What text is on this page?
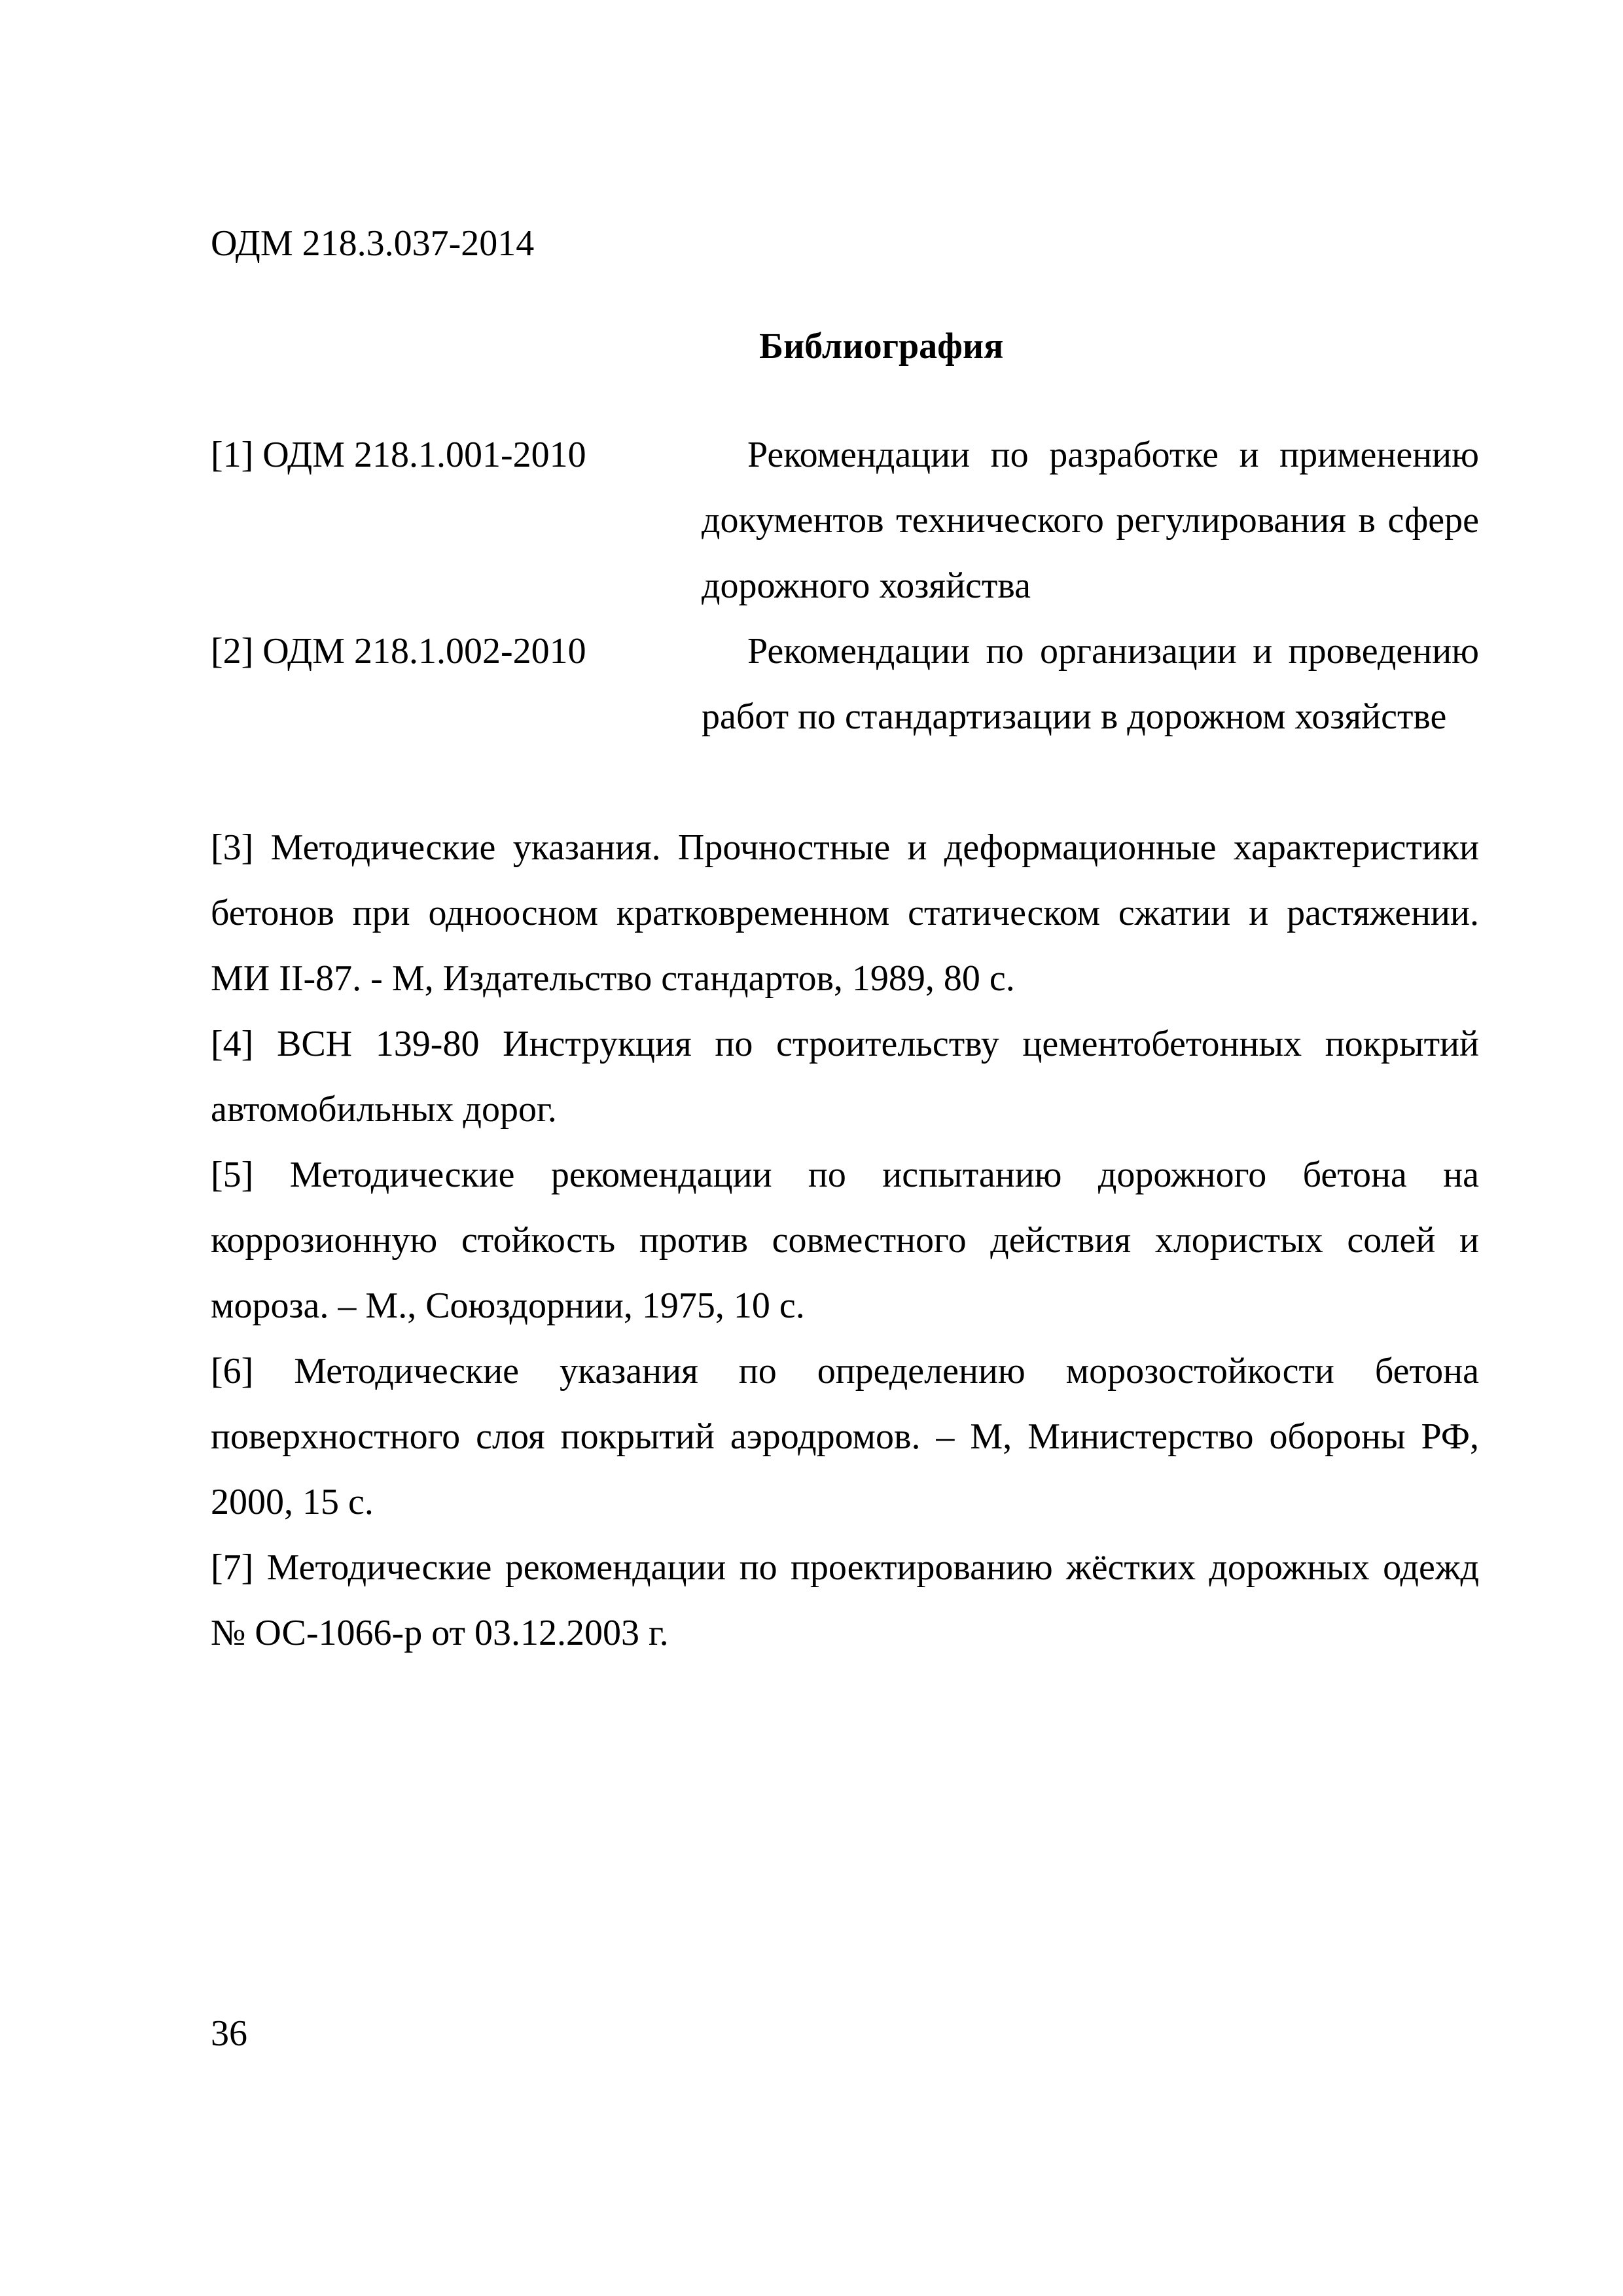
ОДМ 218.3.037-2014
Библиография
[1] ОДМ 218.1.001-2010	Рекомендации по разработке и применению документов технического регулирования в сфере дорожного хозяйства
[2] ОДМ 218.1.002-2010	Рекомендации по организации и проведению работ по стандартизации в дорожном хозяйстве

[3] Методические указания. Прочностные и деформационные характеристики бетонов при одноосном кратковременном статическом сжатии и растяжении. МИ II-87. - М, Издательство стандартов, 1989, 80 с.

[4] ВСН 139-80 Инструкция по строительству цементобетонных покрытий автомобильных дорог.

[5] Методические рекомендации по испытанию дорожного бетона на коррозионную стойкость против совместного действия хлористых солей и мороза. – М., Союздорнии, 1975, 10 с.

[6] Методические указания по определению морозостойкости бетона поверхностного слоя покрытий аэродромов. – М, Министерство обороны РФ, 2000, 15 с.

[7] Методические рекомендации по проектированию жёстких дорожных одежд № ОС-1066-р от 03.12.2003 г.

36
